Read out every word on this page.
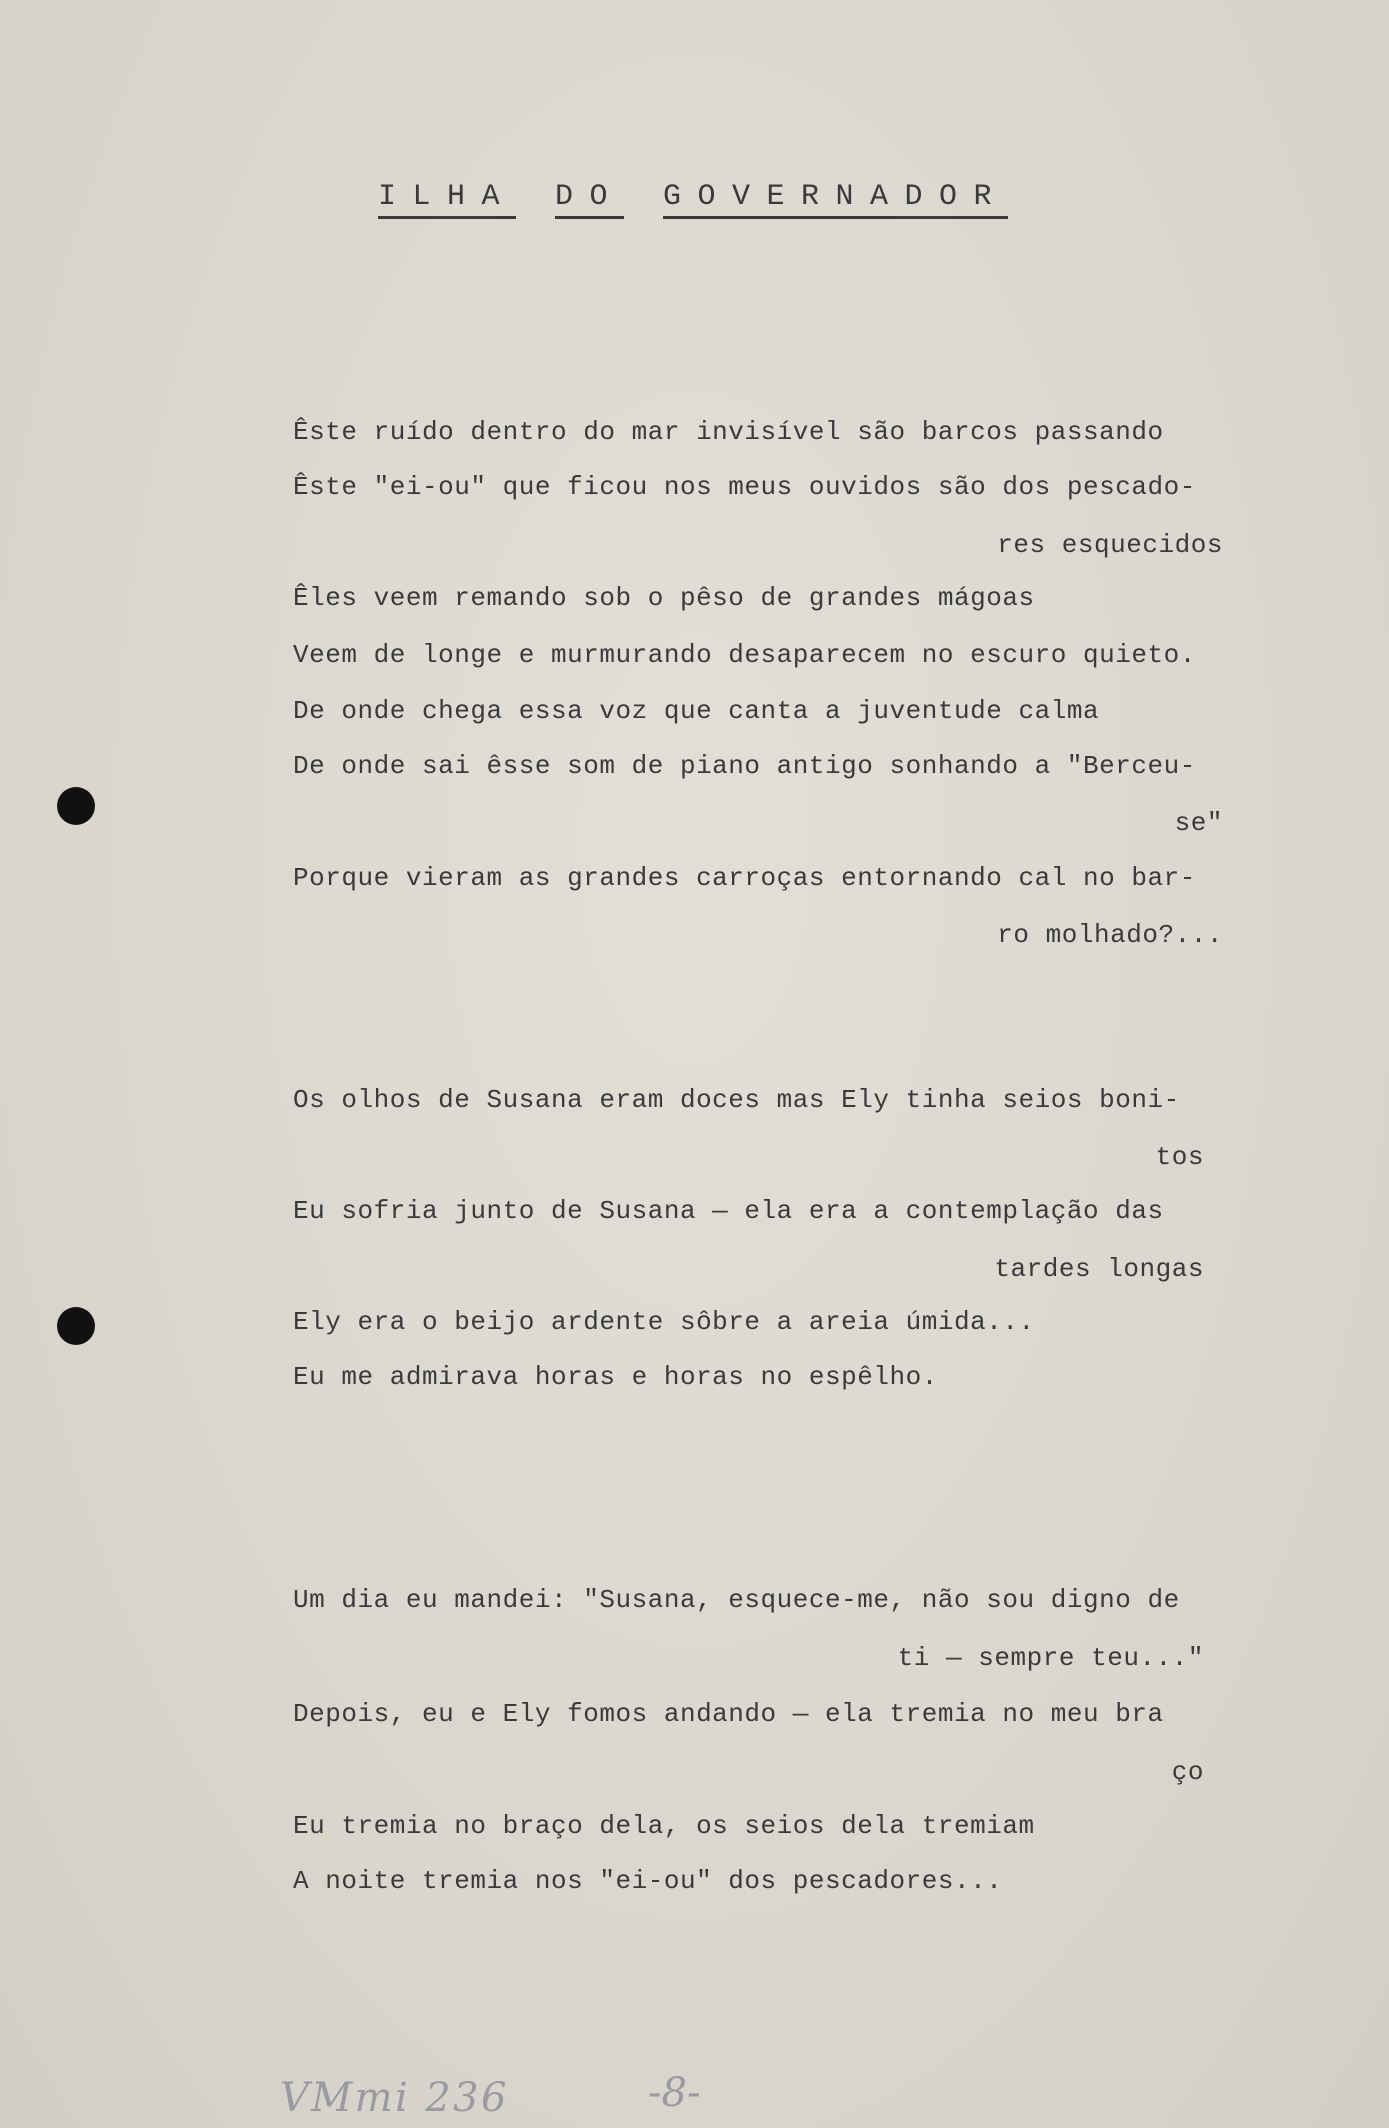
ILHA DO GOVERNADOR
Êste ruído dentro do mar invisível são barcos passando
Êste "ei-ou" que ficou nos meus ouvidos são dos pescado-
res esquecidos
Êles veem remando sob o pêso de grandes mágoas
Veem de longe e murmurando desaparecem no escuro quieto.
De onde chega essa voz que canta a juventude calma
De onde sai êsse som de piano antigo sonhando a "Berceu-
se"
Porque vieram as grandes carroças entornando cal no bar-
ro molhado?...
Os olhos de Susana eram doces mas Ely tinha seios boni-
tos
Eu sofria junto de Susana — ela era a contemplação das
tardes longas
Ely era o beijo ardente sôbre a areia úmida...
Eu me admirava horas e horas no espêlho.
Um dia eu mandei: "Susana, esquece-me, não sou digno de
ti — sempre teu..."
Depois, eu e Ely fomos andando — ela tremia no meu bra
ço
Eu tremia no braço dela, os seios dela tremiam
A noite tremia nos "ei-ou" dos pescadores...
VMmi 236	-8-
